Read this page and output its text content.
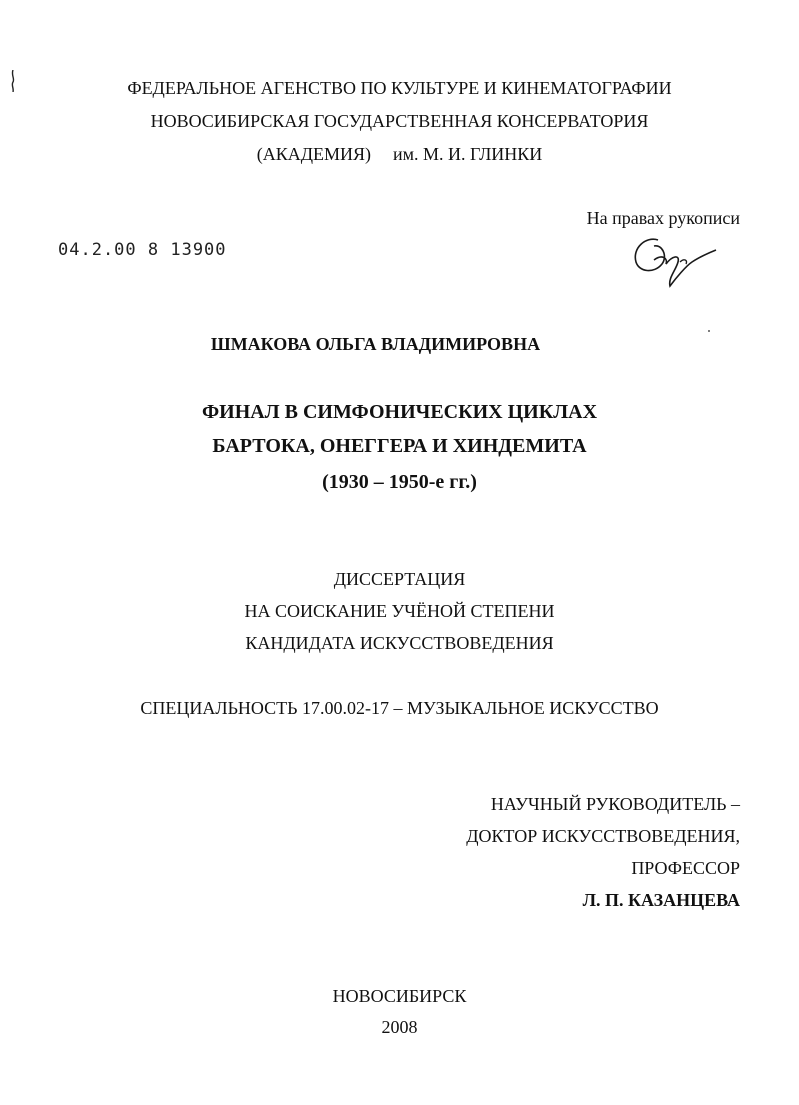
ФЕДЕРАЛЬНОЕ АГЕНСТВО ПО КУЛЬТУРЕ И КИНЕМАТОГРАФИИ
НОВОСИБИРСКАЯ ГОСУДАРСТВЕННАЯ КОНСЕРВАТОРИЯ
(АКАДЕМИЯ) им. М. И. ГЛИНКИ
На правах рукописи
04.2.00 8 13900
ШМАКОВА ОЛЬГА ВЛАДИМИРОВНА
ФИНАЛ В СИМФОНИЧЕСКИХ ЦИКЛАХ
БАРТОКА, ОНЕГГЕРА И ХИНДЕМИТА
(1930 – 1950-е гг.)
ДИССЕРТАЦИЯ
НА СОИСКАНИЕ УЧЁНОЙ СТЕПЕНИ
КАНДИДАТА ИСКУССТВОВЕДЕНИЯ
СПЕЦИАЛЬНОСТЬ 17.00.02-17 – МУЗЫКАЛЬНОЕ ИСКУССТВО
НАУЧНЫЙ РУКОВОДИТЕЛЬ –
ДОКТОР ИСКУССТВОВЕДЕНИЯ,
ПРОФЕССОР
Л. П. КАЗАНЦЕВА
НОВОСИБИРСК
2008
